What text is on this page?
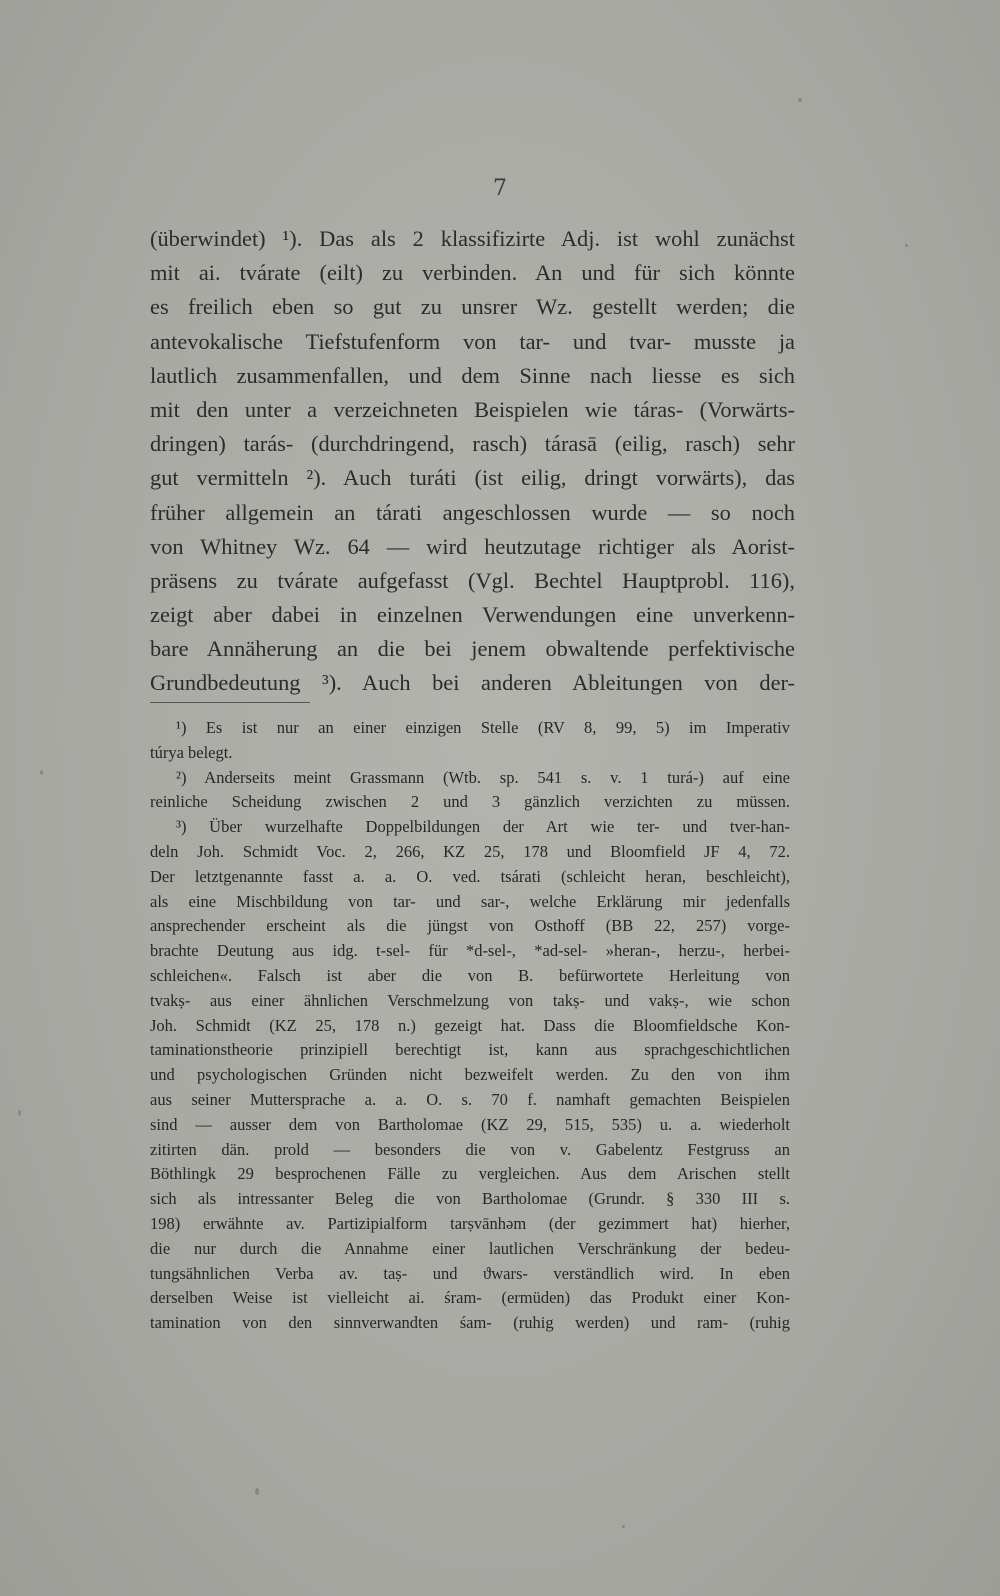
7
(überwindet) ¹). Das als 2 klassifizirte Adj. ist wohl zunächst
mit ai. tvárate (eilt) zu verbinden. An und für sich könnte
es freilich eben so gut zu unsrer Wz. gestellt werden; die
antevokalische Tiefstufenform von tar- und tvar- musste ja
lautlich zusammenfallen, und dem Sinne nach liesse es sich
mit den unter a verzeichneten Beispielen wie táras- (Vorwärts-
dringen) tarás- (durchdringend, rasch) tárasā (eilig, rasch) sehr
gut vermitteln ²). Auch turáti (ist eilig, dringt vorwärts), das
früher allgemein an tárati angeschlossen wurde — so noch
von Whitney Wz. 64 — wird heutzutage richtiger als Aorist-
präsens zu tvárate aufgefasst (Vgl. Bechtel Hauptprobl. 116),
zeigt aber dabei in einzelnen Verwendungen eine unverkenn-
bare Annäherung an die bei jenem obwaltende perfektivische
Grundbedeutung ³). Auch bei anderen Ableitungen von der-
¹) Es ist nur an einer einzigen Stelle (RV 8, 99, 5) im Imperativ
túrya belegt.
²) Anderseits meint Grassmann (Wtb. sp. 541 s. v. 1 turá-) auf eine
reinliche Scheidung zwischen 2 und 3 gänzlich verzichten zu müssen.
³) Über wurzelhafte Doppelbildungen der Art wie ter- und tver-han-
deln Joh. Schmidt Voc. 2, 266, KZ 25, 178 und Bloomfield JF 4, 72.
Der letztgenannte fasst a. a. O. ved. tsárati (schleicht heran, beschleicht),
als eine Mischbildung von tar- und sar-, welche Erklärung mir jedenfalls
ansprechender erscheint als die jüngst von Osthoff (BB 22, 257) vorge-
brachte Deutung aus idg. t-sel- für *d-sel-, *ad-sel- »heran-, herzu-, herbei-
schleichen«. Falsch ist aber die von B. befürwortete Herleitung von
tvakṣ- aus einer ähnlichen Verschmelzung von takṣ- und vakṣ-, wie schon
Joh. Schmidt (KZ 25, 178 n.) gezeigt hat. Dass die Bloomfieldsche Kon-
taminationstheorie prinzipiell berechtigt ist, kann aus sprachgeschichtlichen
und psychologischen Gründen nicht bezweifelt werden. Zu den von ihm
aus seiner Muttersprache a. a. O. s. 70 f. namhaft gemachten Beispielen
sind — ausser dem von Bartholomae (KZ 29, 515, 535) u. a. wiederholt
zitirten dän. prold — besonders die von v. Gabelentz Festgruss an
Böthlingk 29 besprochenen Fälle zu vergleichen. Aus dem Arischen stellt
sich als intressanter Beleg die von Bartholomae (Grundr. § 330 III s.
198) erwähnte av. Partizipialform tarṣvānhəm (der gezimmert hat) hierher,
die nur durch die Annahme einer lautlichen Verschränkung der bedeu-
tungsähnlichen Verba av. taṣ- und ϑwars- verständlich wird. In eben
derselben Weise ist vielleicht ai. śram- (ermüden) das Produkt einer Kon-
tamination von den sinnverwandten śam- (ruhig werden) und ram- (ruhig
